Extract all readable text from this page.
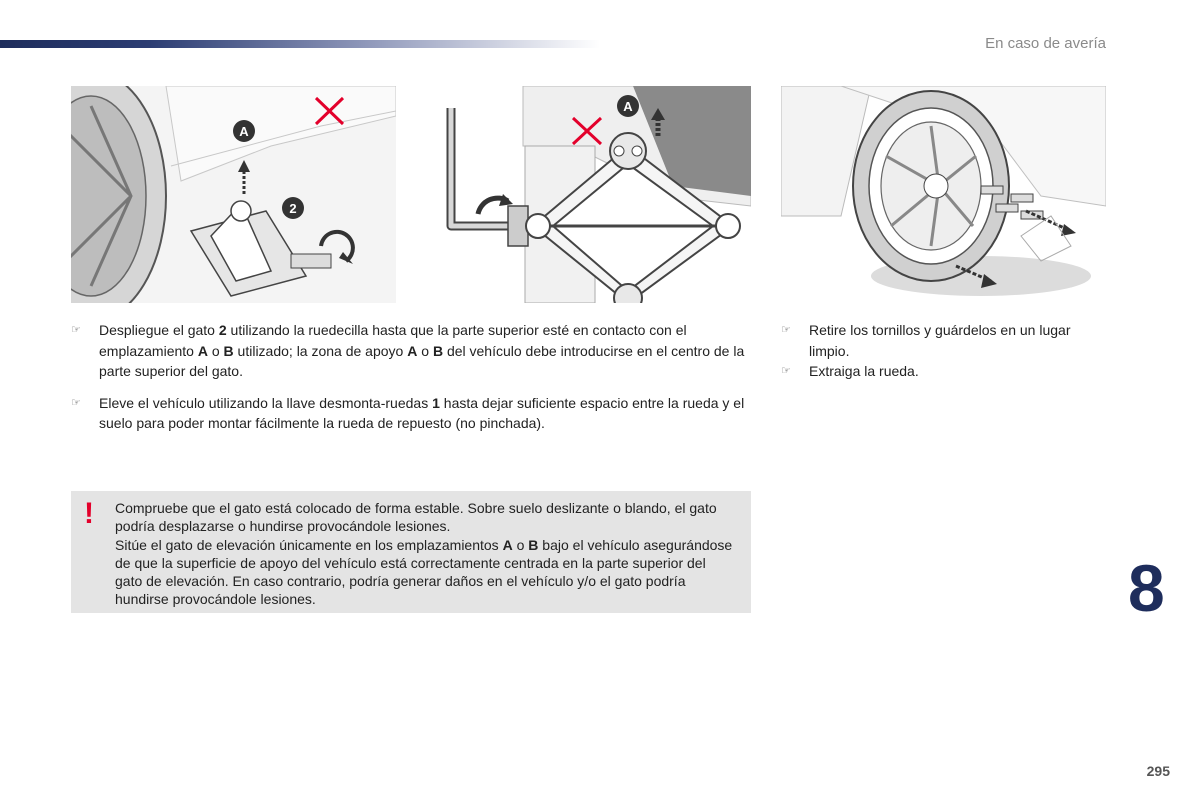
En caso de avería
A
2
A
☞ Despliegue el gato 2 utilizando la ruedecilla hasta que la parte superior esté en contacto con el emplazamiento A o B utilizado; la zona de apoyo A o B del vehículo debe introducirse en el centro de la parte superior del gato.
☞ Eleve el vehículo utilizando la llave desmonta-ruedas 1 hasta dejar suficiente espacio entre la rueda y el suelo para poder montar fácilmente la rueda de repuesto (no pinchada).
☞ Retire los tornillos y guárdelos en un lugar limpio.
☞ Extraiga la rueda.
! Compruebe que el gato está colocado de forma estable. Sobre suelo deslizante o blando, el gato podría desplazarse o hundirse provocándole lesiones.
Sitúe el gato de elevación únicamente en los emplazamientos A o B bajo el vehículo asegurándose de que la superficie de apoyo del vehículo está correctamente centrada en la parte superior del gato de elevación. En caso contrario, podría generar daños en el vehículo y/o el gato podría hundirse provocándole lesiones.	8
295
